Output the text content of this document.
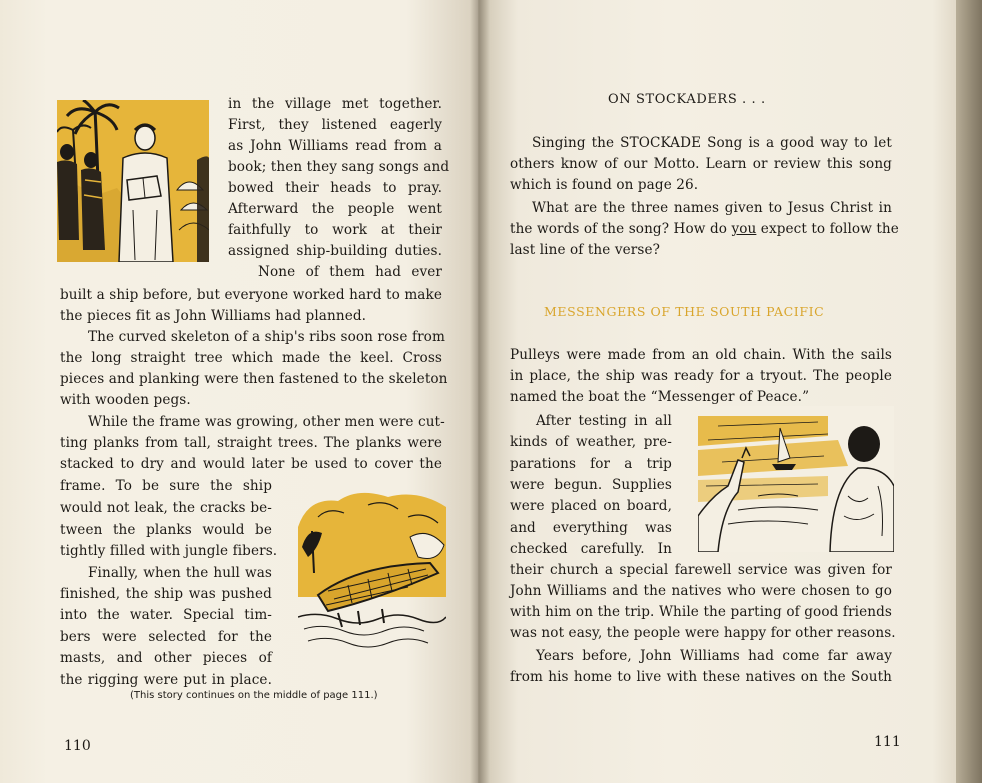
in the village met together.
First, they listened eagerly
as John Williams read from a
book; then they sang songs and
bowed their heads to pray.
Afterward the people went
faithfully to work at their
assigned ship-building duties.
None of them had ever
built a ship before, but everyone worked hard to make
the pieces fit as John Williams had planned.
The curved skeleton of a ship's ribs soon rose from
the long straight tree which made the keel. Cross
pieces and planking were then fastened to the skeleton
with wooden pegs.
While the frame was growing, other men were cut-
ting planks from tall, straight trees. The planks were
stacked to dry and would later be used to cover the
frame. To be sure the ship
would not leak, the cracks be-
tween the planks would be
tightly filled with jungle fibers.
Finally, when the hull was
finished, the ship was pushed
into the water. Special tim-
bers were selected for the
masts, and other pieces of
the rigging were put in place.
(This story continues on the middle of page 111.)
110
ON STOCKADERS . . .
Singing the STOCKADE Song is a good way to let
others know of our Motto. Learn or review this song
which is found on page 26.
What are the three names given to Jesus Christ in
the words of the song? How do you expect to follow the
last line of the verse?
MESSENGERS OF THE SOUTH PACIFIC
Pulleys were made from an old chain. With the sails
in place, the ship was ready for a tryout. The people
named the boat the “Messenger of Peace.”
After testing in all
kinds of weather, pre-
parations for a trip
were begun. Supplies
were placed on board,
and everything was
checked carefully. In
their church a special farewell service was given for
John Williams and the natives who were chosen to go
with him on the trip. While the parting of good friends
was not easy, the people were happy for other reasons.
Years before, John Williams had come far away
from his home to live with these natives on the South
111
